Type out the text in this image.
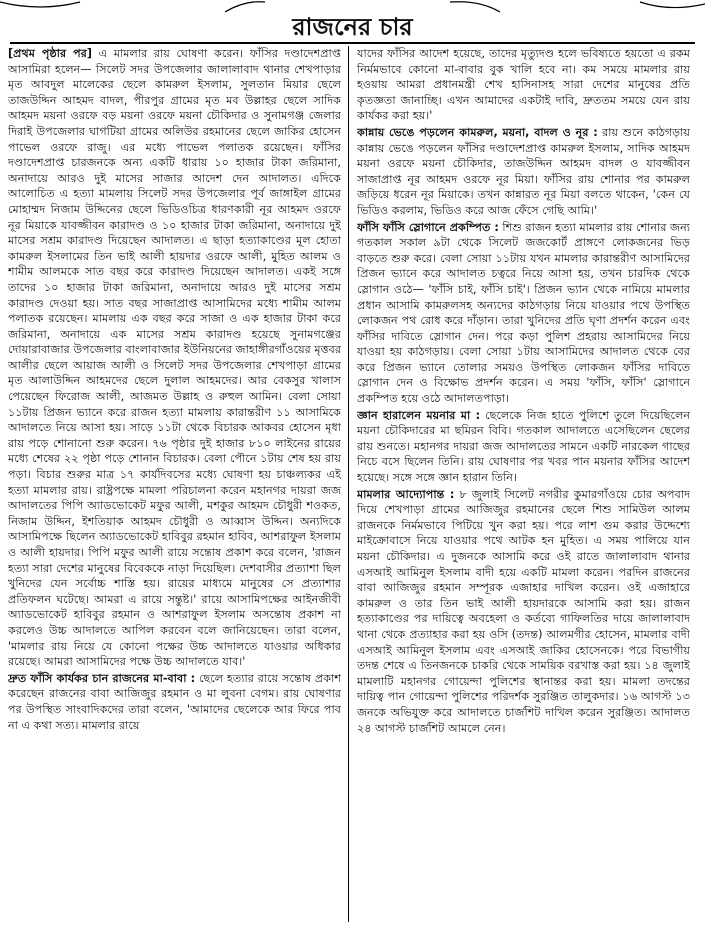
রাজনের চার

[প্রথম পৃষ্ঠার পর] এ মামলার রায় ঘোষণা করেন। ফাঁসির দণ্ডাদেশপ্রাপ্ত আসামিরা হলেন— সিলেট সদর উপজেলার জালালাবাদ থানার শেখপাড়ার মৃত আবদুল মালেকের ছেলে কামরুল ইসলাম, সুলতান মিয়ার ছেলে তাজউদ্দিন আহমদ বাদল, পীরপুর গ্রামের মৃত মব উল্লাহর ছেলে সাদিক আহমদ ময়না ওরফে বড় ময়না ওরফে ময়না চৌকিদার ও সুনামগঞ্জ জেলার দিরাই উপজেলার ঘাগটিয়া গ্রামের অলিউর রহমানের ছেলে জাকির হোসেন পাভেল ওরফে রাজু। এর মধ্যে পাভেল পলাতক রয়েছেন। ফাঁসির দণ্ডাদেশপ্রাপ্ত চারজনকে অন্য একটি ধারায় ১০ হাজার টাকা জরিমানা, অনাদায়ে আরও দুই মাসের সাজার আদেশ দেন আদালত। এদিকে আলোচিত এ হত্যা মামলায় সিলেট সদর উপজেলার পূর্ব জাঙ্গাইল গ্রামের মোহাম্মদ নিজাম উদ্দিনের ছেলে ভিডিওচিত্র ধারণকারী নূর আহমদ ওরফে নূর মিয়াকে যাবজ্জীবন কারাদণ্ড ও ১০ হাজার টাকা জরিমানা, অনাদায়ে দুই মাসের সশ্রম কারাদণ্ড দিয়েছেন আদালত। এ ছাড়া হত্যাকাণ্ডের মূল হোতা কামরুল ইসলামের তিন ভাই আলী হায়দার ওরফে আলী, মুহিত আলম ও শামীম আলমকে সাত বছর করে কারাদণ্ড দিয়েছেন আদালত। একই সঙ্গে তাদের ১০ হাজার টাকা জরিমানা, অনাদায়ে আরও দুই মাসের সশ্রম কারাদণ্ড দেওয়া হয়। সাত বছর সাজাপ্রাপ্ত আসামিদের মধ্যে শামীম আলম পলাতক রয়েছেন। মামলায় এক বছর করে সাজা ও এক হাজার টাকা করে জরিমানা, অনাদায়ে এক মাসের সশ্রম কারাদণ্ড হয়েছে সুনামগঞ্জের দোয়ারাবাজার উপজেলার বাংলাবাজার ইউনিয়নের জাহাঙ্গীরগাঁওয়ের মৃত্তবর আলীর ছেলে আয়াজ আলী ও সিলেট সদর উপজেলার শেখপাড়া গ্রামের মৃত আলাউদ্দিন আহমদের ছেলে দুলাল আহমদের। আর বেকসুর খালাস পেয়েছেন ফিরোজ আলী, আজমত উল্লাহ ও রুহুল আমিন। বেলা সোয়া ১১টায় প্রিজন ভ্যানে করে রাজন হত্যা মামলায় কারান্তরীণ ১১ আসামিকে আদালতে নিয়ে আসা হয়। সাড়ে ১১টা থেকে বিচারক আকবর হোসেন মৃধা রায় পড়ে শোনানো শুরু করেন। ৭৬ পৃষ্ঠার দুই হাজার ৮১০ লাইনের রায়ের মধ্যে শেষের ২২ পৃষ্ঠা পড়ে শোনান বিচারক। বেলা পৌনে ১টায় শেষ হয় রায় পড়া। বিচার শুরুর মাত্র ১৭ কার্যদিবসের মধ্যে ঘোষণা হয় চাঞ্চল্যকর এই হত্যা মামলার রায়। রাষ্ট্রপক্ষে মামলা পরিচালনা করেন মহানগর দায়রা জজ আদালতের পিপি অ্যাডভোকেট মফুর আলী, মশকুর আহমদ চৌধুরী শওকত, নিজাম উদ্দিন, ইশতিয়াক আহমদ চৌধুরী ও আব্বাস উদ্দিন। অন্যদিকে আসামিপক্ষে ছিলেন অ্যাডভোকেট হাবিবুর রহমান হাবিব, আশরাফুল ইসলাম ও আলী হায়দার। পিপি মফুর আলী রায়ে সন্তোষ প্রকাশ করে বলেন, 'রাজন হত্যা সারা দেশের মানুষের বিবেককে নাড়া দিয়েছিল। দেশবাসীর প্রত্যাশা ছিল খুনিদের যেন সর্বোচ্চ শাস্তি হয়। রায়ের মাধ্যমে মানুষের সে প্রত্যাশার প্রতিফলন ঘটেছে। আমরা এ রায়ে সন্তুষ্ট।' রায়ে আসামিপক্ষের আইনজীবী অ্যাডভোকেট হাবিবুর রহমান ও আশরাফুল ইসলাম অসন্তোষ প্রকাশ না করলেও উচ্চ আদালতে আপিল করবেন বলে জানিয়েছেন। তারা বলেন, 'মামলার রায় নিয়ে যে কোনো পক্ষের উচ্চ আদালতে যাওয়ার অধিকার রয়েছে। আমরা আসামিদের পক্ষে উচ্চ আদালতে যাব।'

দ্রুত ফাঁসি কার্যকর চান রাজনের মা-বাবা : ছেলে হত্যার রায়ে সন্তোষ প্রকাশ করেছেন রাজনের বাবা আজিজুর রহমান ও মা লুবনা বেগম। রায় ঘোষণার পর উপস্থিত সাংবাদিকদের তারা বলেন, 'আমাদের ছেলেকে আর ফিরে পাব না এ কথা সত্য। মামলার রায়ে

যাদের ফাঁসির আদেশ হয়েছে, তাদের মৃত্যুদণ্ড হলে ভবিষ্যতে হয়তো এ রকম নির্মমভাবে কোনো মা-বাবার বুক খালি হবে না। কম সময়ে মামলার রায় হওয়ায় আমরা প্রধানমন্ত্রী শেখ হাসিনাসহ সারা দেশের মানুষের প্রতি কৃতজ্ঞতা জানাচ্ছি। এখন আমাদের একটাই দাবি, দ্রুততম সময়ে যেন রায় কার্যকর করা হয়।'

কান্নায় ভেঙে পড়লেন কামরুল, ময়না, বাদল ও নূর : রায় শুনে কাঠগড়ায় কান্নায় ভেঙে পড়লেন ফাঁসির দণ্ডাদেশপ্রাপ্ত কামরুল ইসলাম, সাদিক আহমদ ময়না ওরফে ময়না চৌকিদার, তাজউদ্দিন আহমদ বাদল ও যাবজ্জীবন সাজাপ্রাপ্ত নূর আহমদ ওরফে নূর মিয়া। ফাঁসির রায় শোনার পর কামরুল জড়িয়ে ধরেন নূর মিয়াকে। তখন কান্নারত নূর মিয়া বলতে থাকেন, 'কেন যে ভিডিও করলাম, ভিডিও করে আজ ফেঁসে গেছি আমি।'

ফাঁসি ফাঁসি স্লোগানে প্রকম্পিত : শিশু রাজন হত্যা মামলার রায় শোনার জন্য গতকাল সকাল ৯টা থেকে সিলেট জজকোর্ট প্রাঙ্গণে লোকজনের ভিড় বাড়তে শুরু করে। বেলা সোয়া ১১টায় যখন মামলার কারান্তরীণ আসামিদের প্রিজন ভ্যানে করে আদালত চত্বরে নিয়ে আসা হয়, তখন চারদিক থেকে স্লোগান ওঠে— 'ফাঁসি চাই, ফাঁসি চাই'। প্রিজন ভ্যান থেকে নামিয়ে মামলার প্রধান আসামি কামরুলসহ অন্যদের কাঠগড়ায় নিয়ে যাওয়ার পথে উপস্থিত লোকজন পথ রোধ করে দাঁড়ান। তারা খুনিদের প্রতি ঘৃণা প্রদর্শন করেন এবং ফাঁসির দাবিতে স্লোগান দেন। পরে কড়া পুলিশ প্রহরায় আসামিদের নিয়ে যাওয়া হয় কাঠগড়ায়। বেলা সোয়া ১টায় আসামিদের আদালত থেকে বের করে প্রিজন ভ্যানে তোলার সময়ও উপস্থিত লোকজন ফাঁসির দাবিতে স্লোগান দেন ও বিক্ষোভ প্রদর্শন করেন। এ সময় 'ফাঁসি, ফাঁসি' স্লোগানে প্রকম্পিত হয়ে ওঠে আদালতপাড়া।

জ্ঞান হারালেন ময়নার মা : ছেলেকে নিজ হাতে পুলিশে তুলে দিয়েছিলেন ময়না চৌকিদারের মা ছমিরন বিবি। গতকাল আদালতে এসেছিলেন ছেলের রায় শুনতে। মহানগর দায়রা জজ আদালতের সামনে একটি নারকেল গাছের নিচে বসে ছিলেন তিনি। রায় ঘোষণার পর খবর পান ময়নার ফাঁসির আদেশ হয়েছে। সঙ্গে সঙ্গে জ্ঞান হারান তিনি।

মামলার আদ্যোপান্ত : ৮ জুলাই সিলেট নগরীর কুমারগাঁওয়ে চোর অপবাদ দিয়ে শেখপাড়া গ্রামের আজিজুর রহমানের ছেলে শিশু সামিউল আলম রাজনকে নির্মমভাবে পিটিয়ে খুন করা হয়। পরে লাশ গুম করার উদ্দেশ্যে মাইক্রোবাসে নিয়ে যাওয়ার পথে আটক হন মুহিত। এ সময় পালিয়ে যান ময়না চৌকিদার। এ দুজনকে আসামি করে ওই রাতে জালালাবাদ থানার এসআই আমিনুল ইসলাম বাদী হয়ে একটি মামলা করেন। পরদিন রাজনের বাবা আজিজুর রহমান সম্পূরক এজাহার দাখিল করেন। ওই এজাহারে কামরুল ও তার তিন ভাই আলী হায়দারকে আসামি করা হয়। রাজন হত্যাকাণ্ডের পর দায়িত্বে অবহেলা ও কর্তব্যে গাফিলতির দায়ে জালালাবাদ থানা থেকে প্রত্যাহার করা হয় ওসি (তদন্ত) আলমগীর হোসেন, মামলার বাদী এসআই আমিনুল ইসলাম এবং এসআই জাকির হোসেনকে। পরে বিভাগীয় তদন্ত শেষে এ তিনজনকে চাকরি থেকে সাময়িক বরখাস্ত করা হয়। ১৪ জুলাই মামলাটি মহানগর গোয়েন্দা পুলিশের স্থানান্তর করা হয়। মামলা তদন্তের দায়িত্ব পান গোয়েন্দা পুলিশের পরিদর্শক সুরঞ্জিত তালুকদার। ১৬ আগস্ট ১৩ জনকে অভিযুক্ত করে আদালতে চার্জশিট দাখিল করেন সুরঞ্জিত। আদালত ২৪ আগস্ট চার্জশিট আমলে নেন।
